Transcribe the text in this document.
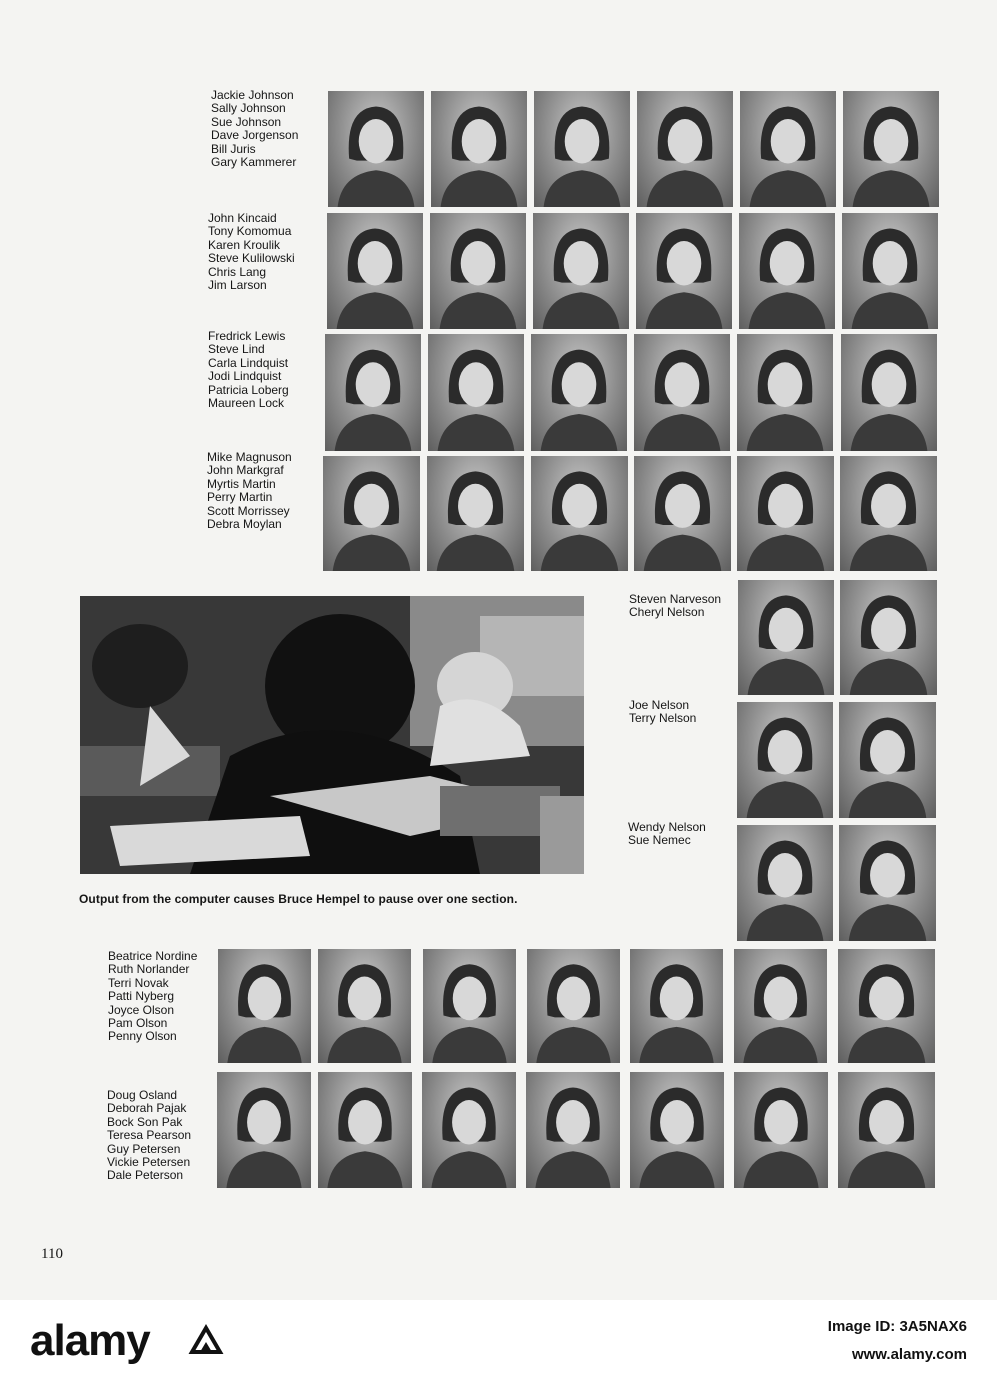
Jackie Johnson
Sally Johnson
Sue Johnson
Dave Jorgenson
Bill Juris
Gary Kammerer
John Kincaid
Tony Komomua
Karen Kroulik
Steve Kulilowski
Chris Lang
Jim Larson
Fredrick Lewis
Steve Lind
Carla Lindquist
Jodi Lindquist
Patricia Loberg
Maureen Lock
Mike Magnuson
John Markgraf
Myrtis Martin
Perry Martin
Scott Morrissey
Debra Moylan
Steven Narveson
Cheryl Nelson
Joe Nelson
Terry Nelson
Wendy Nelson
Sue Nemec
Output from the computer causes Bruce Hempel to pause over one section.
Beatrice Nordine
Ruth Norlander
Terri Novak
Patti Nyberg
Joyce Olson
Pam Olson
Penny Olson
Doug Osland
Deborah Pajak
Bock Son Pak
Teresa Pearson
Guy Petersen
Vickie Petersen
Dale Peterson
110
alamy	Image ID: 3A5NAX6
www.alamy.com
